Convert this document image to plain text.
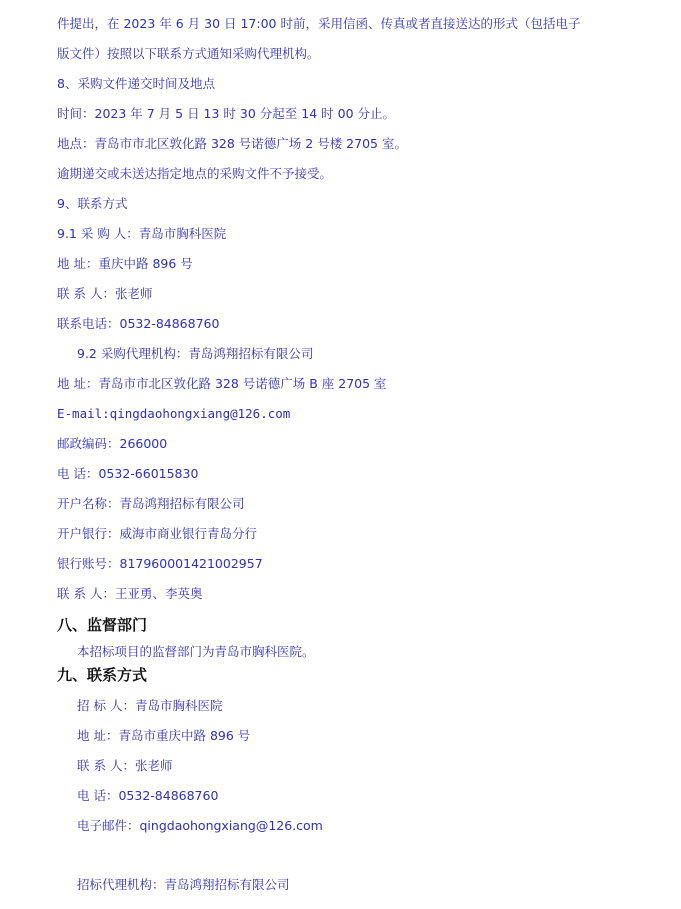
件提出，在 2023 年 6 月 30 日 17:00 时前，采用信函、传真或者直接送达的形式（包括电子
版文件）按照以下联系方式通知采购代理机构。
8、采购文件递交时间及地点
时间：2023 年 7 月 5 日 13 时 30 分起至 14 时 00 分止。
地点：青岛市市北区敦化路 328 号诺德广场 2 号楼 2705 室。
逾期递交或未送达指定地点的采购文件不予接受。
9、联系方式
9.1 采 购 人：青岛市胸科医院
地 址：重庆中路 896 号
联 系 人：张老师
联系电话：0532-84868760
9.2 采购代理机构：青岛鸿翔招标有限公司
地 址：青岛市市北区敦化路 328 号诺德广场 B 座 2705 室
E-mail:qingdaohongxiang@126.com
邮政编码：266000
电 话：0532-66015830
开户名称：青岛鸿翔招标有限公司
开户银行：威海市商业银行青岛分行
银行账号：817960001421002957
联 系 人：王亚勇、李英奥
八、监督部门
本招标项目的监督部门为青岛市胸科医院。
九、联系方式
招 标 人：青岛市胸科医院
地 址：青岛市重庆中路 896 号
联 系 人：张老师
电 话：0532-84868760
电子邮件：qingdaohongxiang@126.com
招标代理机构：青岛鸿翔招标有限公司
